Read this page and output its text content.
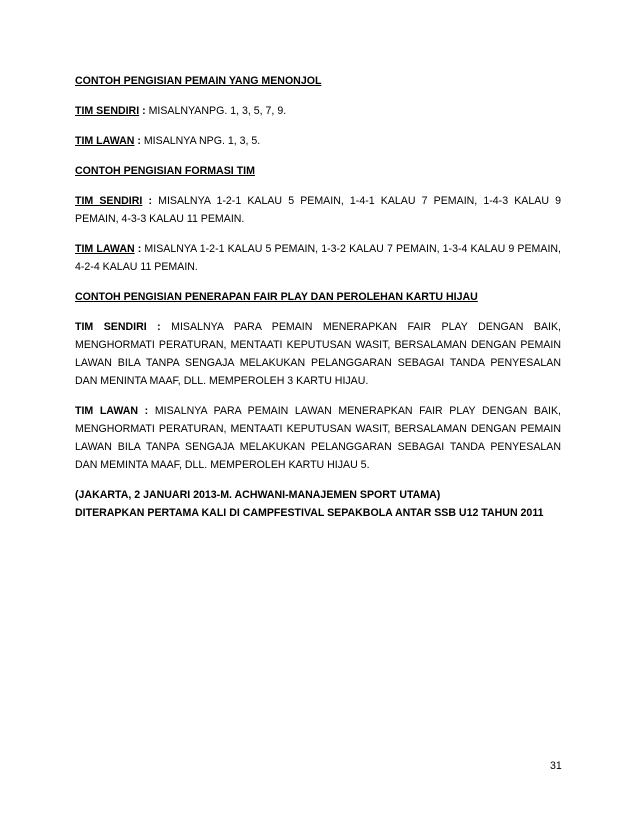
CONTOH PENGISIAN PEMAIN YANG MENONJOL

TIM SENDIRI : MISALNYANPG. 1, 3, 5, 7, 9.

TIM LAWAN : MISALNYA NPG. 1, 3, 5.

CONTOH PENGISIAN FORMASI TIM

TIM SENDIRI : MISALNYA 1-2-1 KALAU 5 PEMAIN, 1-4-1 KALAU 7 PEMAIN, 1-4-3 KALAU 9 PEMAIN, 4-3-3 KALAU 11 PEMAIN.

TIM LAWAN : MISALNYA 1-2-1 KALAU 5 PEMAIN, 1-3-2 KALAU 7 PEMAIN, 1-3-4 KALAU 9 PEMAIN, 4-2-4 KALAU 11 PEMAIN.

CONTOH PENGISIAN PENERAPAN FAIR PLAY DAN PEROLEHAN KARTU HIJAU

TIM SENDIRI : MISALNYA PARA PEMAIN MENERAPKAN FAIR PLAY DENGAN BAIK, MENGHORMATI PERATURAN, MENTAATI KEPUTUSAN WASIT, BERSALAMAN DENGAN PEMAIN LAWAN BILA TANPA SENGAJA MELAKUKAN PELANGGARAN SEBAGAI TANDA PENYESALAN DAN MENINTA MAAF, DLL. MEMPEROLEH 3 KARTU HIJAU.

TIM LAWAN : MISALNYA PARA PEMAIN LAWAN MENERAPKAN FAIR PLAY DENGAN BAIK, MENGHORMATI PERATURAN, MENTAATI KEPUTUSAN WASIT, BERSALAMAN DENGAN PEMAIN LAWAN BILA TANPA SENGAJA MELAKUKAN PELANGGARAN SEBAGAI TANDA PENYESALAN DAN MEMINTA MAAF, DLL. MEMPEROLEH KARTU HIJAU 5.

(JAKARTA, 2 JANUARI 2013-M. ACHWANI-MANAJEMEN SPORT UTAMA)

DITERAPKAN PERTAMA KALI DI CAMPFESTIVAL SEPAKBOLA ANTAR SSB U12 TAHUN 2011

31
